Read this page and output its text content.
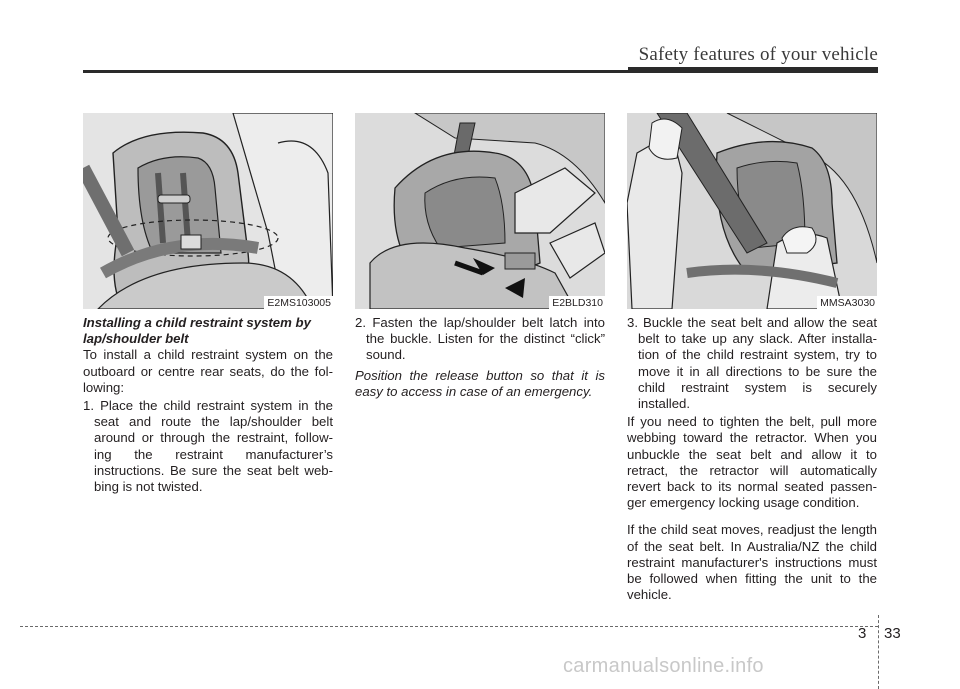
Safety features of your vehicle
E2MS103005	E2BLD310	MMSA3030

Installing a child restraint system by
lap/shoulder belt

To install a child restraint system on the outboard or centre rear seats, do the fol-lowing:

1. Place the child restraint system in the seat and route the lap/shoulder belt around or through the restraint, follow-ing the restraint manufacturer’s instructions. Be sure the seat belt web-bing is not twisted.

2. Fasten the lap/shoulder belt latch into the buckle. Listen for the distinct “click” sound.

Position the release button so that it is easy to access in case of an emergency.

3. Buckle the seat belt and allow the seat belt to take up any slack. After installa-tion of the child restraint system, try to move it in all directions to be sure the child restraint system is securely installed.

If you need to tighten the belt, pull more webbing toward the retractor. When you unbuckle the seat belt and allow it to retract, the retractor will automatically revert back to its normal seated passen-ger emergency locking usage condition.

If the child seat moves, readjust the length of the seat belt. In Australia/NZ the child restraint manufacturer's instructions must be followed when fitting the unit to the vehicle.

3 33
carmanualsonline.info
